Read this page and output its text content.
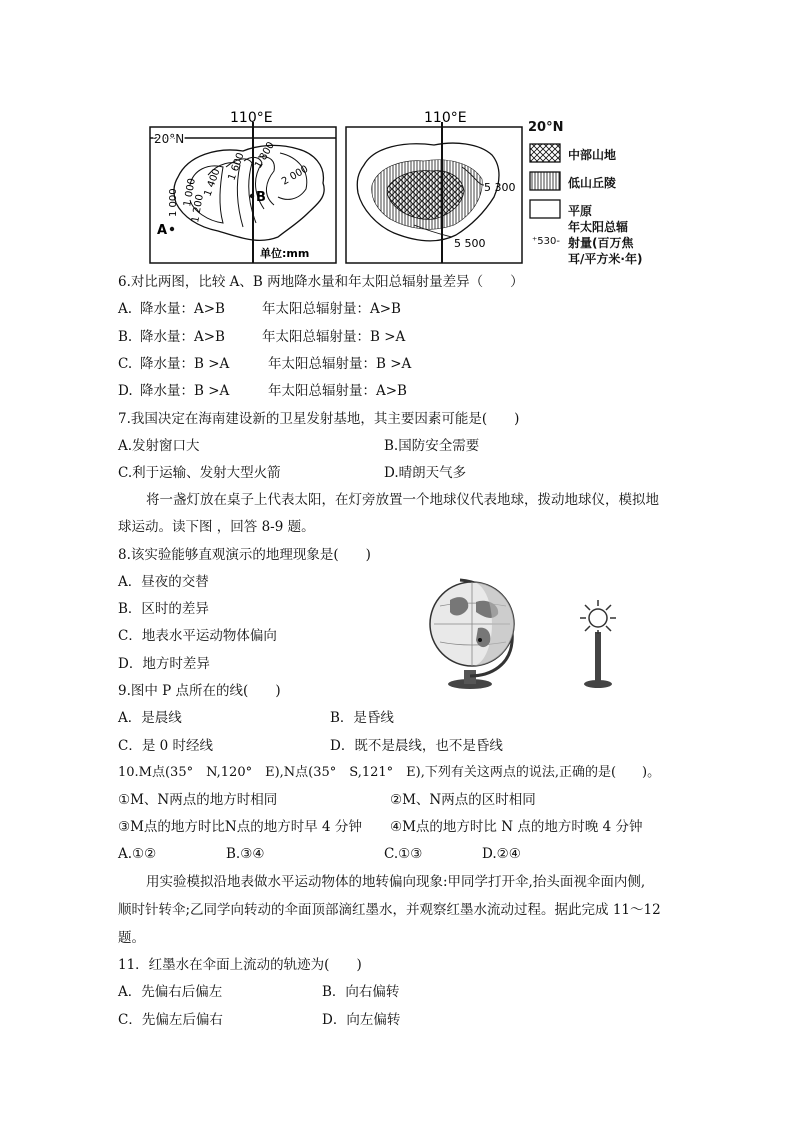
110°E
20°N
1 000 1 200
1 400
1 600 1 800
2 000
1 000
A
B
单位:mm
110°E
5 300
5 500
20°N
中部山地
低山丘陵
平原
年太阳总辐
⁺530- 射量(百万焦
耳/平方米·年)
6.对比两图，比较 A、B 两地降水量和年太阳总辐射量差异（　　）
A. 降水量：A>B	年太阳总辐射量：A>B
B. 降水量：A>B	年太阳总辐射量：B >A
C. 降水量：B >A	年太阳总辐射量：B >A
D. 降水量：B >A	年太阳总辐射量：A>B
7.我国决定在海南建设新的卫星发射基地，其主要因素可能是(　　)
A.发射窗口大	B.国防安全需要
C.利于运输、发射大型火箭	D.晴朗天气多
将一盏灯放在桌子上代表太阳，在灯旁放置一个地球仪代表地球，拨动地球仪，模拟地
球运动。读下图 ，回答 8-9 题。
8.该实验能够直观演示的地理现象是(　　)
A．昼夜的交替
B．区时的差异
C．地表水平运动物体偏向
D．地方时差异
9.图中 P 点所在的线(　　)
A．是晨线	B．是昏线
C．是 0 时经线	D．既不是晨线，也不是昏线
10.M点(35°　N,120°　E),N点(35°　S,121°　E),下列有关这两点的说法,正确的是(　　)。
①M、N两点的地方时相同	②M、N两点的区时相同
③M点的地方时比N点的地方时早 4 分钟 ④M点的地方时比 N 点的地方时晚 4 分钟
A.①②	B.③④	C.①③	D.②④
用实验模拟沿地表做水平运动物体的地转偏向现象:甲同学打开伞,抬头面视伞面内侧,
顺时针转伞;乙同学向转动的伞面顶部滴红墨水，并观察红墨水流动过程。据此完成 11～12
题。
11．红墨水在伞面上流动的轨迹为(　　)
A．先偏右后偏左	B．向右偏转
C．先偏左后偏右	D．向左偏转
